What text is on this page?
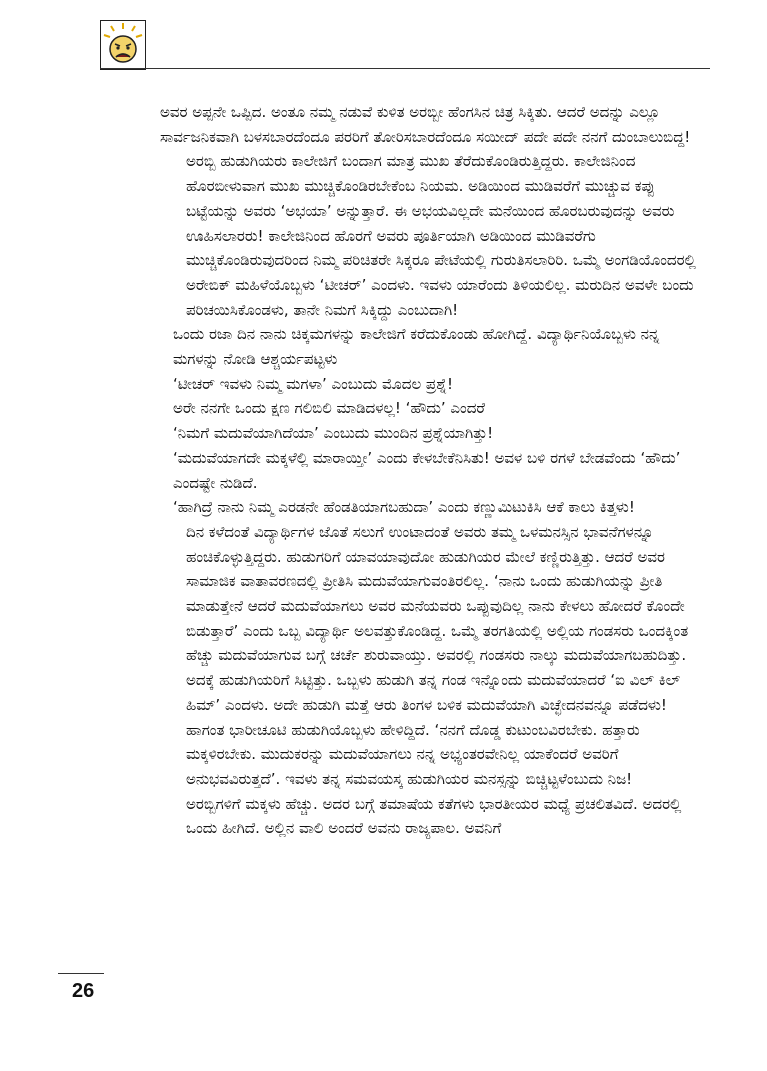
ಅವರ ಅಪ್ಪನೇ ಒಪ್ಪಿದ. ಅಂತೂ ನಮ್ಮ ನಡುವೆ ಕುಳಿತ ಅರಬ್ಬೀ ಹೆಂಗಸಿನ ಚಿತ್ರ ಸಿಕ್ಕಿತು. ಆದರೆ ಅದನ್ನು ಎಲ್ಲೂ ಸಾರ್ವಜನಿಕವಾಗಿ ಬಳಸಬಾರದೆಂದೂ ಪರರಿಗೆ ತೋರಿಸಬಾರದೆಂದೂ ಸಯೀದ್ ಪದೇ ಪದೇ ನನಗೆ ದುಂಬಾಲುಬಿದ್ದ!

ಅರಬ್ಬಿ ಹುಡುಗಿಯರು ಕಾಲೇಜಿಗೆ ಬಂದಾಗ ಮಾತ್ರ ಮುಖ ತೆರೆದುಕೊಂಡಿರುತ್ತಿದ್ದರು. ಕಾಲೇಜಿನಿಂದ ಹೊರಬೀಳುವಾಗ ಮುಖ ಮುಚ್ಚಿಕೊಂಡಿರಬೇಕೆಂಬ ನಿಯಮ. ಅಡಿಯಿಂದ ಮುಡಿವರೆಗೆ ಮುಚ್ಚುವ ಕಪ್ಪು ಬಟ್ಟೆಯನ್ನು ಅವರು ‘ಅಭಯಾ’ ಅನ್ನುತ್ತಾರೆ. ಈ ಅಭಯವಿಲ್ಲದೇ ಮನೆಯಿಂದ ಹೊರಬರುವುದನ್ನು ಅವರು ಊಹಿಸಲಾರರು! ಕಾಲೇಜಿನಿಂದ ಹೊರಗೆ ಅವರು ಪೂರ್ತಿಯಾಗಿ ಅಡಿಯಿಂದ ಮುಡಿವರೆಗು ಮುಚ್ಚಿಕೊಂಡಿರುವುದರಿಂದ ನಿಮ್ಮ ಪರಿಚಿತರೇ ಸಿಕ್ಕರೂ ಪೇಟೆಯಲ್ಲಿ ಗುರುತಿಸಲಾರಿರಿ. ಒಮ್ಮೆ ಅಂಗಡಿಯೊಂದರಲ್ಲಿ ಅರೇಬಿಕ್ ಮಹಿಳೆಯೊಬ್ಬಳು ‘ಟೀಚರ್’ ಎಂದಳು. ಇವಳು ಯಾರೆಂದು ತಿಳಿಯಲಿಲ್ಲ. ಮರುದಿನ ಅವಳೇ ಬಂದು ಪರಿಚಯಿಸಿಕೊಂಡಳು, ತಾನೇ ನಿಮಗೆ ಸಿಕ್ಕಿದ್ದು ಎಂಬುದಾಗಿ!

ಒಂದು ರಜಾ ದಿನ ನಾನು ಚಿಕ್ಕಮಗಳನ್ನು ಕಾಲೇಜಿಗೆ ಕರೆದುಕೊಂಡು ಹೋಗಿದ್ದೆ. ವಿದ್ಯಾರ್ಥಿನಿಯೊಬ್ಬಳು ನನ್ನ ಮಗಳನ್ನು ನೋಡಿ ಆಶ್ಚರ್ಯಪಟ್ಟಳು

‘ಟೀಚರ್ ಇವಳು ನಿಮ್ಮ ಮಗಳಾ’ ಎಂಬುದು ಮೊದಲ ಪ್ರಶ್ನೆ!

ಅರೇ ನನಗೇ ಒಂದು ಕ್ಷಣ ಗಲಿಬಿಲಿ ಮಾಡಿದಳಲ್ಲ! ‘ಹೌದು’ ಎಂದರೆ

‘ನಿಮಗೆ ಮದುವೆಯಾಗಿದೆಯಾ’ ಎಂಬುದು ಮುಂದಿನ ಪ್ರಶ್ನೆಯಾಗಿತ್ತು!

‘ಮದುವೆಯಾಗದೇ ಮಕ್ಕಳೆಲ್ಲಿ ಮಾರಾಯ್ತೀ’ ಎಂದು ಕೇಳಬೇಕೆನಿಸಿತು! ಅವಳ ಬಳಿ ರಗಳೆ ಬೇಡವೆಂದು ‘ಹೌದು’ ಎಂದಷ್ಟೇ ನುಡಿದೆ.

‘ಹಾಗಿದ್ರೆ ನಾನು ನಿಮ್ಮ ಎರಡನೇ ಹೆಂಡತಿಯಾಗಬಹುದಾ’ ಎಂದು ಕಣ್ಣುಮಿಟುಕಿಸಿ ಆಕೆ ಕಾಲು ಕಿತ್ತಳು!

ದಿನ ಕಳೆದಂತೆ ವಿದ್ಯಾರ್ಥಿಗಳ ಜೊತೆ ಸಲುಗೆ ಉಂಟಾದಂತೆ ಅವರು ತಮ್ಮ ಒಳಮನಸ್ಸಿನ ಭಾವನೆಗಳನ್ನೂ ಹಂಚಿಕೊಳ್ಳುತ್ತಿದ್ದರು. ಹುಡುಗರಿಗೆ ಯಾವಯಾವುದೋ ಹುಡುಗಿಯರ ಮೇಲೆ ಕಣ್ಣಿರುತ್ತಿತ್ತು. ಆದರೆ ಅವರ ಸಾಮಾಜಿಕ ವಾತಾವರಣದಲ್ಲಿ ಪ್ರೀತಿಸಿ ಮದುವೆಯಾಗುವಂತಿರಲಿಲ್ಲ. ‘ನಾನು ಒಂದು ಹುಡುಗಿಯನ್ನು ಪ್ರೀತಿ ಮಾಡುತ್ತೇನೆ ಆದರೆ ಮದುವೆಯಾಗಲು ಅವರ ಮನೆಯವರು ಒಪ್ಪುವುದಿಲ್ಲ ನಾನು ಕೇಳಲು ಹೋದರೆ ಕೊಂದೇ ಬಿಡುತ್ತಾರೆ’ ಎಂದು ಒಬ್ಬ ವಿದ್ಯಾರ್ಥಿ ಅಲವತ್ತುಕೊಂಡಿದ್ದ. ಒಮ್ಮೆ ತರಗತಿಯಲ್ಲಿ ಅಲ್ಲಿಯ ಗಂಡಸರು ಒಂದಕ್ಕಿಂತ ಹೆಚ್ಚು ಮದುವೆಯಾಗುವ ಬಗ್ಗೆ ಚರ್ಚೆ ಶುರುವಾಯ್ತು. ಅವರಲ್ಲಿ ಗಂಡಸರು ನಾಲ್ಕು ಮದುವೆಯಾಗಬಹುದಿತ್ತು. ಅದಕ್ಕೆ ಹುಡುಗಿಯರಿಗೆ ಸಿಟ್ಟಿತ್ತು. ಒಬ್ಬಳು ಹುಡುಗಿ ತನ್ನ ಗಂಡ ಇನ್ನೊಂದು ಮದುವೆಯಾದರೆ ‘ಐ ವಿಲ್ ಕಿಲ್ ಹಿಮ್’ ಎಂದಳು. ಅದೇ ಹುಡುಗಿ ಮತ್ತೆ ಆರು ತಿಂಗಳ ಬಳಿಕ ಮದುವೆಯಾಗಿ ವಿಚ್ಛೇದನವನ್ನೂ ಪಡೆದಳು! ಹಾಗಂತ ಭಾರೀಚೂಟಿ ಹುಡುಗಿಯೊಬ್ಬಳು ಹೇಳಿದ್ದಿದೆ. ‘ನನಗೆ ದೊಡ್ಡ ಕುಟುಂಬವಿರಬೇಕು. ಹತ್ತಾರು ಮಕ್ಕಳಿರಬೇಕು. ಮುದುಕರನ್ನು ಮದುವೆಯಾಗಲು ನನ್ನ ಅಭ್ಯಂತರವೇನಿಲ್ಲ ಯಾಕೆಂದರೆ ಅವರಿಗೆ ಅನುಭವವಿರುತ್ತದೆ’. ಇವಳು ತನ್ನ ಸಮವಯಸ್ಕ ಹುಡುಗಿಯರ ಮನಸ್ಸನ್ನು ಬಿಚ್ಚಿಟ್ಟಳೆಂಬುದು ನಿಜ!

ಅರಬ್ಬಿಗಳಿಗೆ ಮಕ್ಕಳು ಹೆಚ್ಚು. ಅದರ ಬಗ್ಗೆ ತಮಾಷೆಯ ಕತೆಗಳು ಭಾರತೀಯರ ಮಧ್ಯೆ ಪ್ರಚಲಿತವಿದೆ. ಅದರಲ್ಲಿ ಒಂದು ಹೀಗಿದೆ. ಅಲ್ಲಿನ ವಾಲಿ ಅಂದರೆ ಅವನು ರಾಜ್ಯಪಾಲ. ಅವನಿಗೆ

26
